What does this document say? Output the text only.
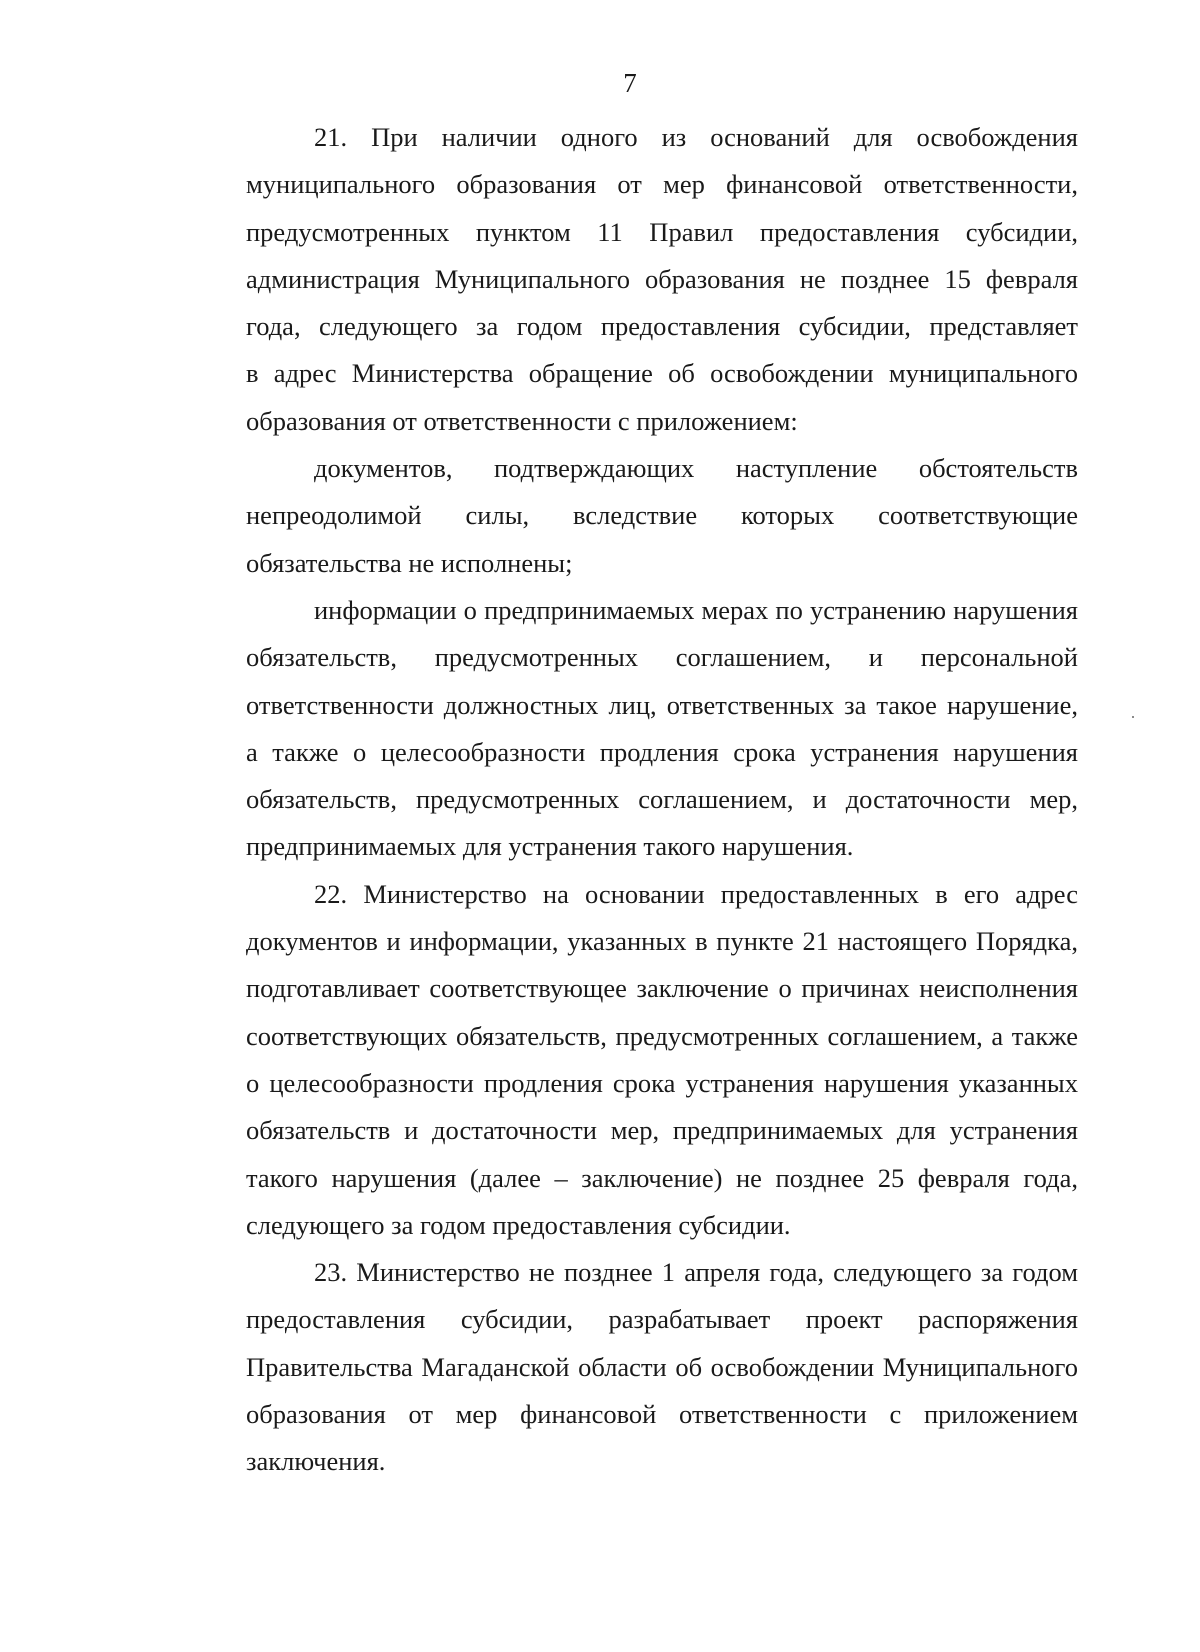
7
21. При наличии одного из оснований для освобождения
муниципального образования от мер финансовой ответственности,
предусмотренных пунктом 11 Правил предоставления субсидии,
администрация Муниципального образования не позднее 15 февраля
года, следующего за годом предоставления субсидии, представляет
в адрес Министерства обращение об освобождении муниципального
образования от ответственности с приложением:
документов, подтверждающих наступление обстоятельств
непреодолимой силы, вследствие которых соответствующие
обязательства не исполнены;
информации о предпринимаемых мерах по устранению нарушения
обязательств, предусмотренных соглашением, и персональной
ответственности должностных лиц, ответственных за такое нарушение,
а также о целесообразности продления срока устранения нарушения
обязательств, предусмотренных соглашением, и достаточности мер,
предпринимаемых для устранения такого нарушения.
22. Министерство на основании предоставленных в его адрес
документов и информации, указанных в пункте 21 настоящего Порядка,
подготавливает соответствующее заключение о причинах неисполнения
соответствующих обязательств, предусмотренных соглашением, а также
о целесообразности продления срока устранения нарушения указанных
обязательств и достаточности мер, предпринимаемых для устранения
такого нарушения (далее – заключение) не позднее 25 февраля года,
следующего за годом предоставления субсидии.
23. Министерство не позднее 1 апреля года, следующего за годом
предоставления субсидии, разрабатывает проект распоряжения
Правительства Магаданской области об освобождении Муниципального
образования от мер финансовой ответственности с приложением
заключения.
